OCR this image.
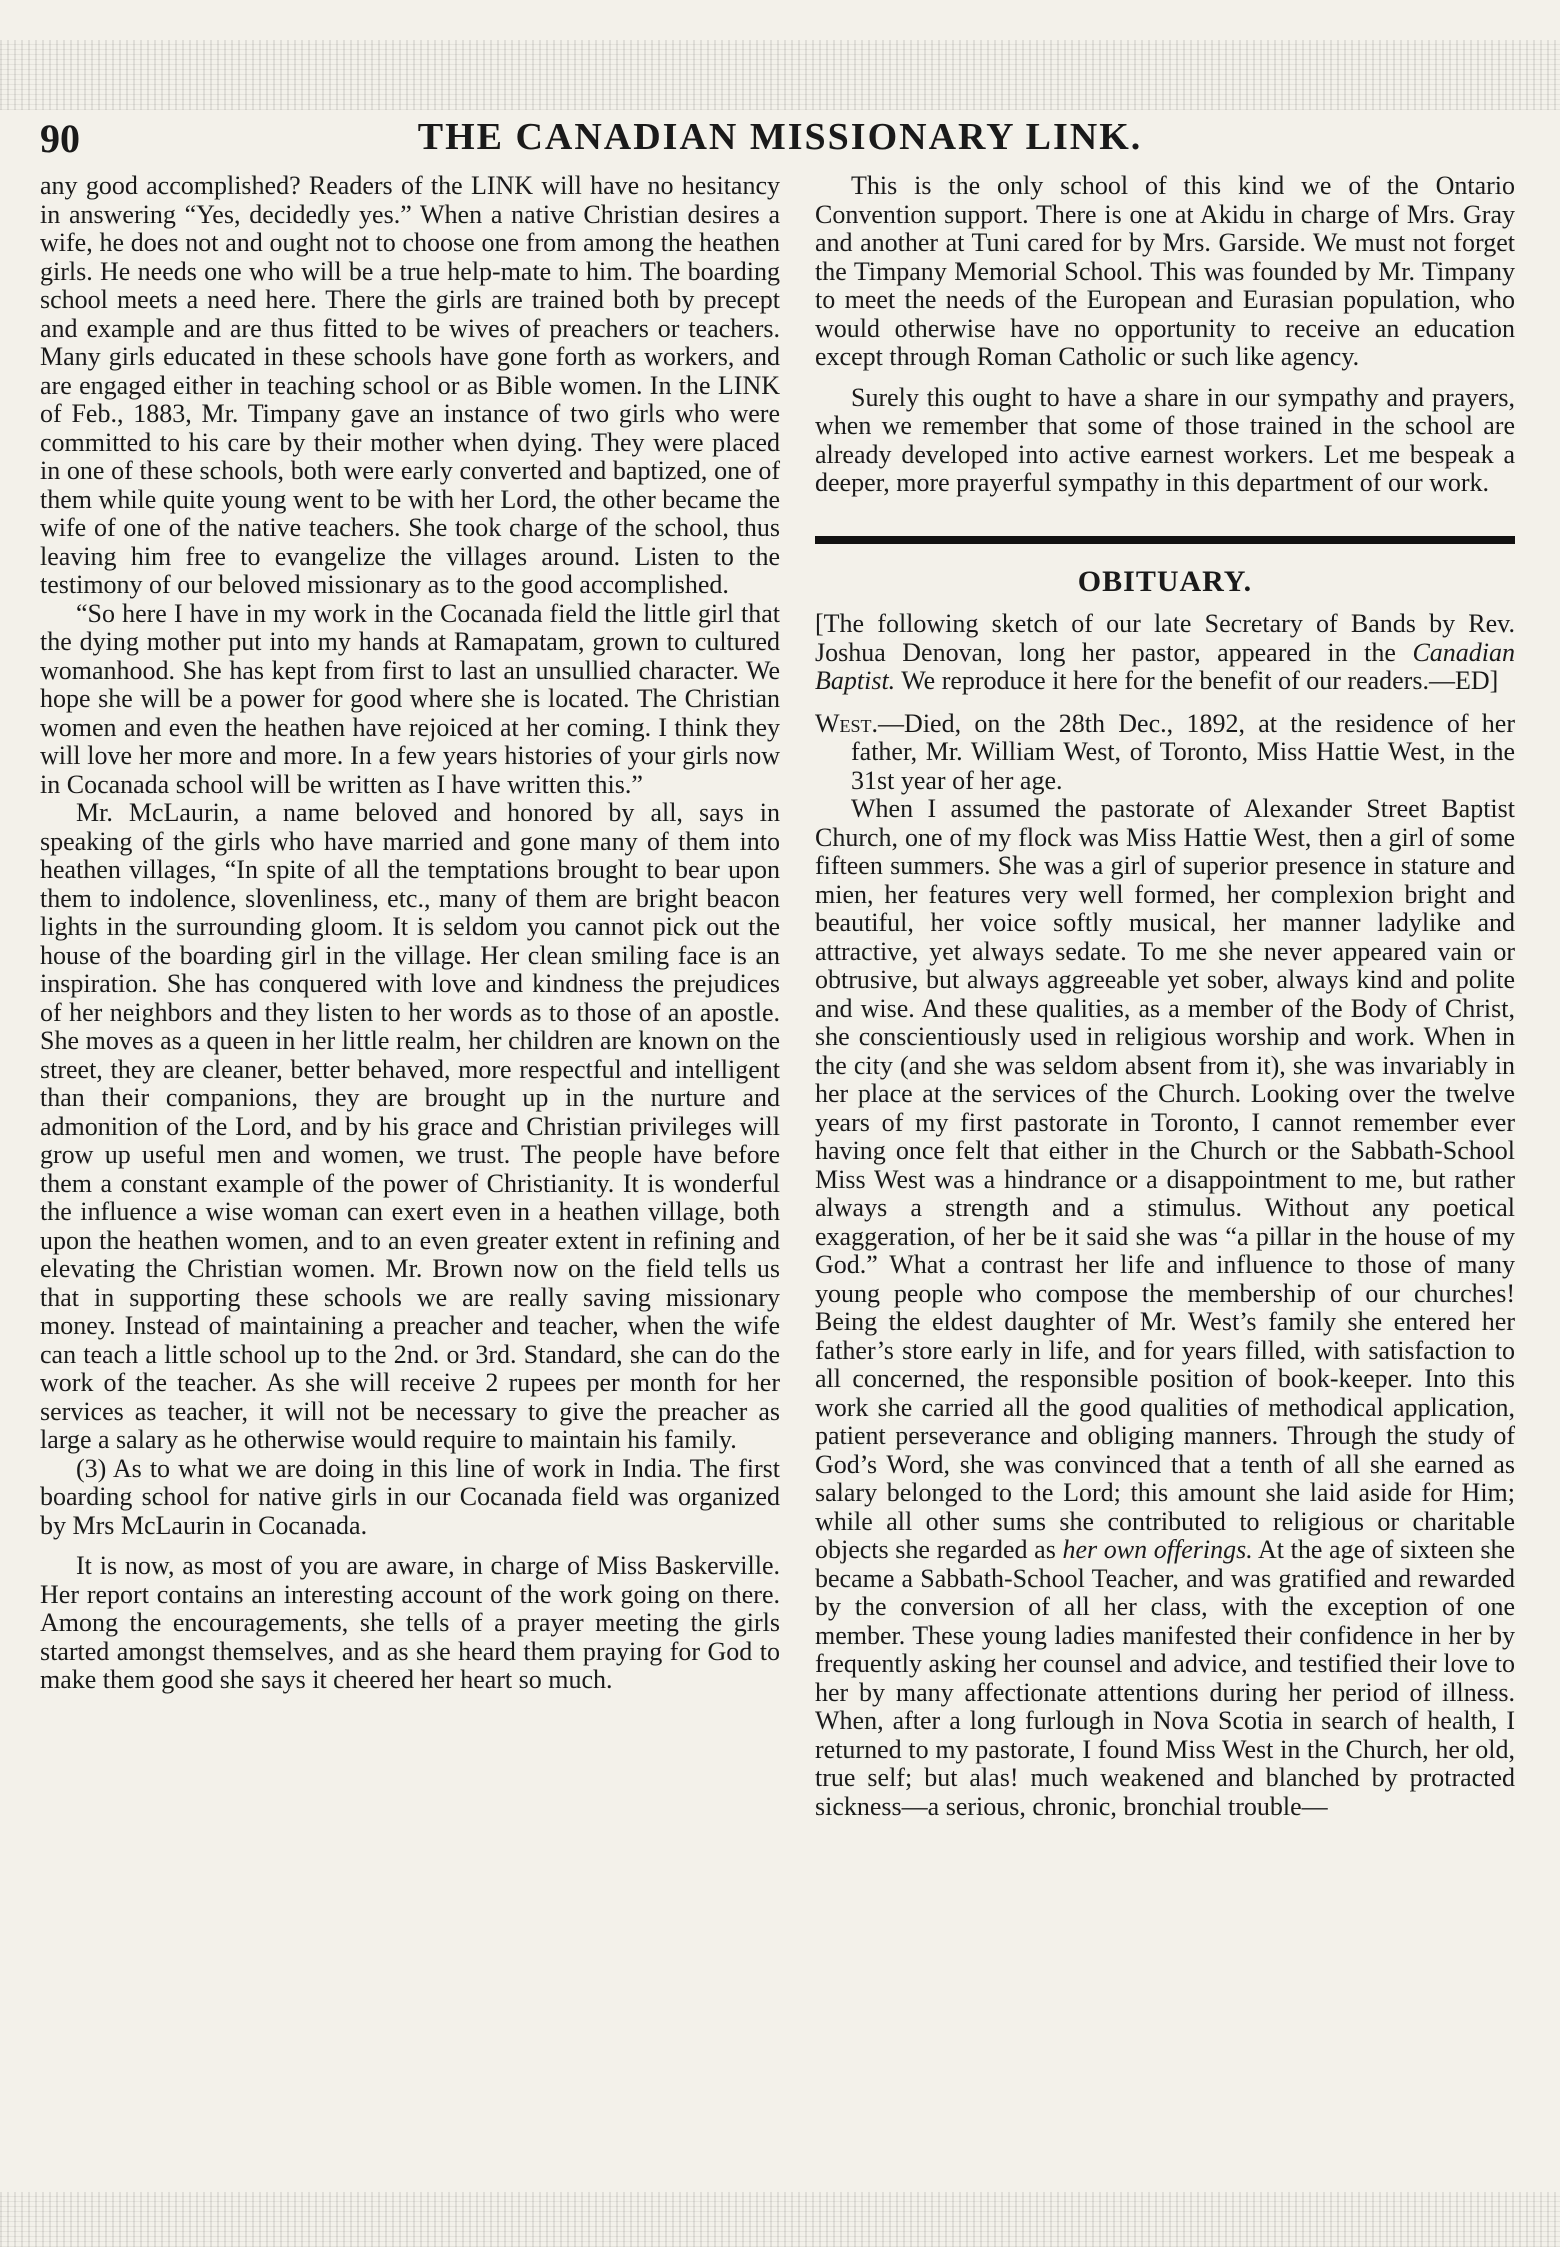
90	THE CANADIAN MISSIONARY LINK.

any good accomplished? Readers of the LINK will have no hesitancy in answering “Yes, decidedly yes.” When a native Christian desires a wife, he does not and ought not to choose one from among the heathen girls. He needs one who will be a true help-mate to him. The boarding school meets a need here. There the girls are trained both by precept and example and are thus fitted to be wives of preachers or teachers. Many girls educated in these schools have gone forth as workers, and are engaged either in teaching school or as Bible women. In the LINK of Feb., 1883, Mr. Timpany gave an instance of two girls who were committed to his care by their mother when dying. They were placed in one of these schools, both were early converted and baptized, one of them while quite young went to be with her Lord, the other became the wife of one of the native teachers. She took charge of the school, thus leaving him free to evangelize the villages around. Listen to the testimony of our beloved missionary as to the good accomplished.

“So here I have in my work in the Cocanada field the little girl that the dying mother put into my hands at Ramapatam, grown to cultured womanhood. She has kept from first to last an unsullied character. We hope she will be a power for good where she is located. The Christian women and even the heathen have rejoiced at her coming. I think they will love her more and more. In a few years histories of your girls now in Cocanada school will be written as I have written this.”

Mr. McLaurin, a name beloved and honored by all, says in speaking of the girls who have married and gone many of them into heathen villages, “In spite of all the temptations brought to bear upon them to indolence, slovenliness, etc., many of them are bright beacon lights in the surrounding gloom. It is seldom you cannot pick out the house of the boarding girl in the village. Her clean smiling face is an inspiration. She has conquered with love and kindness the prejudices of her neighbors and they listen to her words as to those of an apostle. She moves as a queen in her little realm, her children are known on the street, they are cleaner, better behaved, more respectful and intelligent than their companions, they are brought up in the nurture and admonition of the Lord, and by his grace and Christian privileges will grow up useful men and women, we trust. The people have before them a constant example of the power of Christianity. It is wonderful the influence a wise woman can exert even in a heathen village, both upon the heathen women, and to an even greater extent in refining and elevating the Christian women. Mr. Brown now on the field tells us that in supporting these schools we are really saving missionary money. Instead of maintaining a preacher and teacher, when the wife can teach a little school up to the 2nd. or 3rd. Standard, she can do the work of the teacher. As she will receive 2 rupees per month for her services as teacher, it will not be necessary to give the preacher as large a salary as he otherwise would require to maintain his family.

(3) As to what we are doing in this line of work in India. The first boarding school for native girls in our Cocanada field was organized by Mrs McLaurin in Cocanada.

It is now, as most of you are aware, in charge of Miss Baskerville. Her report contains an interesting account of the work going on there. Among the encouragements, she tells of a prayer meeting the girls started amongst themselves, and as she heard them praying for God to make them good she says it cheered her heart so much.

This is the only school of this kind we of the Ontario Convention support. There is one at Akidu in charge of Mrs. Gray and another at Tuni cared for by Mrs. Garside. We must not forget the Timpany Memorial School. This was founded by Mr. Timpany to meet the needs of the European and Eurasian population, who would otherwise have no opportunity to receive an education except through Roman Catholic or such like agency.

Surely this ought to have a share in our sympathy and prayers, when we remember that some of those trained in the school are already developed into active earnest workers. Let me bespeak a deeper, more prayerful sympathy in this department of our work.

OBITUARY.

[The following sketch of our late Secretary of Bands by Rev. Joshua Denovan, long her pastor, appeared in the Canadian Baptist. We reproduce it here for the benefit of our readers.—ED]

West.—Died, on the 28th Dec., 1892, at the residence of her father, Mr. William West, of Toronto, Miss Hattie West, in the 31st year of her age.

When I assumed the pastorate of Alexander Street Baptist Church, one of my flock was Miss Hattie West, then a girl of some fifteen summers. She was a girl of superior presence in stature and mien, her features very well formed, her complexion bright and beautiful, her voice softly musical, her manner ladylike and attractive, yet always sedate. To me she never appeared vain or obtrusive, but always aggreeable yet sober, always kind and polite and wise. And these qualities, as a member of the Body of Christ, she conscientiously used in religious worship and work. When in the city (and she was seldom absent from it), she was invariably in her place at the services of the Church. Looking over the twelve years of my first pastorate in Toronto, I cannot remember ever having once felt that either in the Church or the Sabbath-School Miss West was a hindrance or a disappointment to me, but rather always a strength and a stimulus. Without any poetical exaggeration, of her be it said she was “a pillar in the house of my God.” What a contrast her life and influence to those of many young people who compose the membership of our churches! Being the eldest daughter of Mr. West’s family she entered her father’s store early in life, and for years filled, with satisfaction to all concerned, the responsible position of book-keeper. Into this work she carried all the good qualities of methodical application, patient perseverance and obliging manners. Through the study of God’s Word, she was convinced that a tenth of all she earned as salary belonged to the Lord; this amount she laid aside for Him; while all other sums she contributed to religious or charitable objects she regarded as her own offerings. At the age of sixteen she became a Sabbath-School Teacher, and was gratified and rewarded by the conversion of all her class, with the exception of one member. These young ladies manifested their confidence in her by frequently asking her counsel and advice, and testified their love to her by many affectionate attentions during her period of illness. When, after a long furlough in Nova Scotia in search of health, I returned to my pastorate, I found Miss West in the Church, her old, true self; but alas! much weakened and blanched by protracted sickness—a serious, chronic, bronchial trouble—
